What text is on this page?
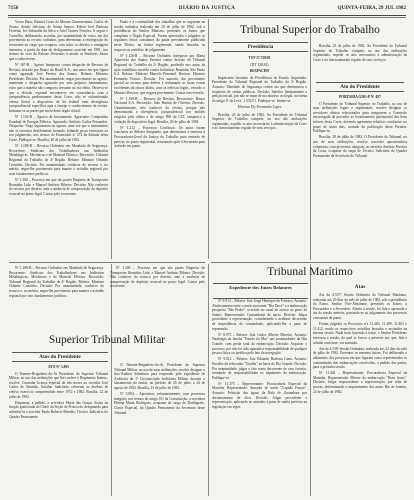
7156	DIÁRIO DA JUSTIÇA	QUINTA-FEIRA, 29 JUL 1982

Vieira Hass; Batinel Costa de Moraes Zimmermann; Carlos de Souza; Avenir Salviano de Souza Santos; Edson José Barbosa Ferreira; Ivo Sebastião da Silva e Ariel Gomes Ferreira. A seguir o Conselho, deliberando, acordou, por unanimidade de votos, em dar provimento ao recurso ordinário, para determinar a reintegração do recorrente no cargo que ocupava, com todos os direitos e vantagens inerentes, a partir da data do desligamento ocorrido em 1981, nos termos do voto do Relator. Presentes à sessão os Senhores Juízes que a subscrevem.

Nº 167-B – Agravo Interposto contra despacho de Recurso de Revista, aforado por Banco do Brasil S.A., nos autos em que figura como agravado José Pereira dos Santos. Relator: Ministro Presidente. Decisão: Por unanimidade, negar provimento ao agravo, mantendo o despacho agravado por seus próprios fundamentos, visto que a matéria não comporta reexame na via eleita. Observa-se que a decisão regional encontra-se em consonância com a jurisprudência predominante desta Corte, não se vislumbrando ofensa literal a dispositivo de lei federal nem divergência jurisprudencial específica apta a ensejar o conhecimento da revista. Intimem-se as partes por meio deste órgão oficial.

Nº 1.136-B – Agravo de Instrumento. Agravante: Companhia Estadual de Energia Elétrica. Agravado: Antônio Carlos Fernandes. Despacho: Nego seguimento ao agravo, uma vez que o instrumento não se encontra devidamente formado, faltando peças essenciais ao seu julgamento, nos termos do Enunciado nº 272 da Súmula desta Corte. Publique-se. Brasília, 20 de julho de 1982.

Nº 1.188-B – Recurso Ordinário em Mandado de Segurança. Recorrente: Sindicato dos Trabalhadores nas Indústrias Metalúrgicas, Mecânicas e de Material Elétrico. Recorrido: Tribunal Regional do Trabalho da 4ª Região. Relator: Ministro Orlando Coutinho. Decisão: Por unanimidade, conhecer do recurso e, no mérito, negar-lhe provimento para manter o acórdão regional por seus fundamentos jurídicos.

Nº 1.300 – Processo em que são partes Empresa de Transportes Reunidos Ltda. e Manoel Antônio Ribeiro. Decisão: Não conhecer do recurso por deserto, ante a ausência de comprovação do depósito recursal no prazo legal. Custas pelo recorrente.

Paulo e a continuidade dos trabalhos que se seguiram na sessão ordinária realizada em 20 de julho de 1982, sob a presidência do Senhor Ministro, presentes os Juízes que compõem o Órgão Especial. Foram apreciados e julgados os seguintes feitos constantes da pauta previamente publicada neste Diário, na forma regimental, sendo lavradas as respectivas certidões de julgamento.

Nº 1.126-B – Recurso Ordinário interposto por Maria Aparecida dos Santos Ferreira contra decisão do Tribunal Regional do Trabalho da 2ª Região, proferida nos autos da ação trabalhista movida contra Indústrias Reunidas São Paulo S.A. Relator: Ministro Marcelo Pimentel. Revisor: Ministro Fernando Franco. Decisão: Por maioria, dar provimento parcial ao recurso para deferir à reclamante as horas extras excedentes da oitava diária, com os reflexos legais, vencido o Ministro Revisor, que negava provimento. Custas em reversão.

Nº 1.169-B – Recurso de Revista. Recorrente: Banco Nacional S.A. Recorrido: João Batista de Oliveira. Decisão: Unanimemente, não conhecer da revista, porque não demonstrada a divergência jurisprudencial nos moldes exigidos pela alínea a do artigo 896 da CLT, tampouco a violação de dispositivo legal. Brasília, 20 de julho de 1982.

Nº 1.212 – Processos Conclusos. Os autos foram conclusos ao Relator designado, que determinou a remessa à Procuradoria-Geral da Justiça do Trabalho para emissão de parecer, no prazo regimental, retornando após à Secretaria para inclusão em pauta.

Tribunal Superior do Trabalho
Presidência
TST-17.728/81
(DT 138.82)
DESPACHO

Impetrante: Instituto de Previdência do Estado. Impetrado: Presidente do Tribunal Regional do Trabalho da 3ª Região. Assunto: Mandado de Segurança contra ato que determinou o sequestro de verbas públicas. Decisão: Indefiro liminarmente a petição inicial, por não se tratar de ato abusivo ou ilegal, na forma do artigo 8º da Lei nº 1.533/51. Publique-se. Intime-se.

Ministro Ely Fernandes Lopes

Brasília, 23 de julho de 1982. Ao Presidente do Tribunal Superior do Trabalho compete, no uso das atribuições regimentais, expedir os atos necessários à administração da Corte e ao funcionamento regular de seus serviços.

Brasília, 23 de julho de 1982. Ao Presidente do Tribunal Superior do Trabalho compete, no uso das atribuições regimentais, expedir os atos necessários à administração da Corte e ao funcionamento regular de seus serviços.

Ato do Presidente
PORTARIA GDG-P Nº 497

O Presidente do Tribunal Superior do Trabalho, no uso de suas atribuições legais e regimentais, resolve designar os servidores abaixo relacionados para integrarem a Comissão encarregada de proceder ao levantamento patrimonial dos bens móveis desta Corte, devendo apresentar relatório conclusivo no prazo de trinta dias, contado da publicação desta Portaria. Publique-se.

Brasília, 28 de julho de 1982. O Presidente do Tribunal, no uso de suas atribuições, resolve conceder aposentadoria voluntária, com proventos integrais, ao servidor Antônio Ferreira da Costa, ocupante do cargo de Técnico Judiciário do Quadro Permanente da Secretaria do Tribunal.

Tribunal Marítimo
Expediente dos Juízes Relatores	Atas
Superior Tribunal Militar
Atos do Presidente

Nº 1.188-B – Recurso Ordinário em Mandado de Segurança. Recorrente: Sindicato dos Trabalhadores nas Indústrias Metalúrgicas, Mecânicas e de Material Elétrico. Recorrido: Tribunal Regional do Trabalho da 4ª Região. Relator: Ministro Orlando Coutinho. Decisão: Por unanimidade, conhecer do recurso e, no mérito, negar-lhe provimento para manter o acórdão regional por seus fundamentos jurídicos.

Nº 1.300 – Processo em que são partes Empresa de Transportes Reunidos Ltda. e Manoel Antônio Ribeiro. Decisão: Não conhecer do recurso por deserto, ante a ausência de comprovação do depósito recursal no prazo legal. Custas pelo recorrente.

ATO Nº 5.891

O Tenente-Brigadeiro-do-Ar Presidente do Superior Tribunal Militar, no uso das atribuições que lhe confere o Regimento Interno, resolve: Conceder licença especial de três meses ao servidor José Carlos de Almeida, Auxiliar Judiciário, referente ao decênio de efetivo exercício compreendido entre 1972 e 1982. Brasília, 22 de julho de 1982.

Dispensar, a pedido, a servidora Maria das Graças Souza da função gratificada de Chefe da Seção de Protocolo, designando para substituí-la o servidor Paulo Roberto Mendes, Técnico Judiciário do Quadro Permanente.

O Tenente-Brigadeiro-do-Ar Presidente do Superior Tribunal Militar, no uso de suas atribuições, resolve designar o Juiz-Auditor Substituto para responder pelo expediente da Auditoria da 1ª Circunscrição Judiciária Militar, durante o afastamento do titular, no período de 26 de julho a 24 de agosto de 1982. Brasília, 23 de julho de 1982.

Nº 5.894 – Aposentar, voluntariamente, com proventos integrais, nos termos do artigo 101 da Constituição, a servidora Helena Maria Rodrigues, ocupante do cargo de Datilógrafo, Classe Especial, do Quadro Permanente da Secretaria deste Tribunal.

Nº 8.914 – Relator: Juiz Jorge Henrique da Fonseca. Assunto: Abalroamento entre o navio mercante "Rio Doce" e a embarcação pesqueira "São Pedro", ocorrido no canal de acesso ao porto de Santos. Representado: Comandante do navio. Decisão: Julgar procedente a representação, considerando o acidente decorrente de imprudência do comandante, aplicando-lhe a pena de repreensão.

Nº 8.975 – Relator: Juiz Carlos Alberto Moreira. Assunto: Naufrágio da lancha "Estrela do Mar" nas proximidades da Ilha Grande, com perda total da embarcação. Decisão: Arquivar o processo, por não ter sido apurada a responsabilidade de qualquer pessoa física ou jurídica pelo fato da navegação.

Nº 9.012 – Relator: Juiz Eduardo Barbosa Lima. Assunto: Encalhe do rebocador "Guaíba" na barra do Rio Grande. Decisão: Por unanimidade, julgar o fato como decorrente de caso fortuito, isentando de responsabilidade os tripulantes da embarcação. Publique-se.

Nº 11.375 – Representante: Procuradoria Especial da Marinha. Representado: Armador do navio "Capitão Fausto". Assunto: Poluição das águas da Baía de Guanabara por derramamento de óleo. Decisão: Julgar procedente a representação, aplicando ao armador a pena de multa prevista na legislação em vigor.

Ata da 4.537ª Sessão Ordinária do Tribunal Marítimo, realizada aos 20 dias do mês de julho de 1982, sob a presidência do Exmo. Senhor Vice-Almirante, presentes os Juízes, o Procurador e o Secretário. Aberta a sessão, foi lida e aprovada a ata da sessão anterior, passando-se ao julgamento dos processos constantes da pauta.

Foram julgados os Processos nºs 11.283, 11.389, 11.401 e 11.412, sendo os respectivos acórdãos lavrados e assinados na mesma sessão. Nada mais havendo a tratar, o Senhor Presidente encerrou a sessão, da qual se lavrou a presente ata, que, lida e achada conforme, vai assinada.

Ata da 4.538ª Sessão Ordinária, realizada aos 22 dias do mês de julho de 1982. Presentes os mesmos Juízes. Foi deliberado o adiamento dos processos em que figuram como representados os comandantes das embarcações envolvidas, a pedido das partes, para a próxima sessão.

Nº 11.402 – Representante: Procuradoria Especial da Marinha. Representado: Mestre da embarcação "Bom Jesus". Decisão: Julgar improcedente a representação, por falta de provas, determinando o arquivamento dos autos. Rio de Janeiro, 22 de julho de 1982.
